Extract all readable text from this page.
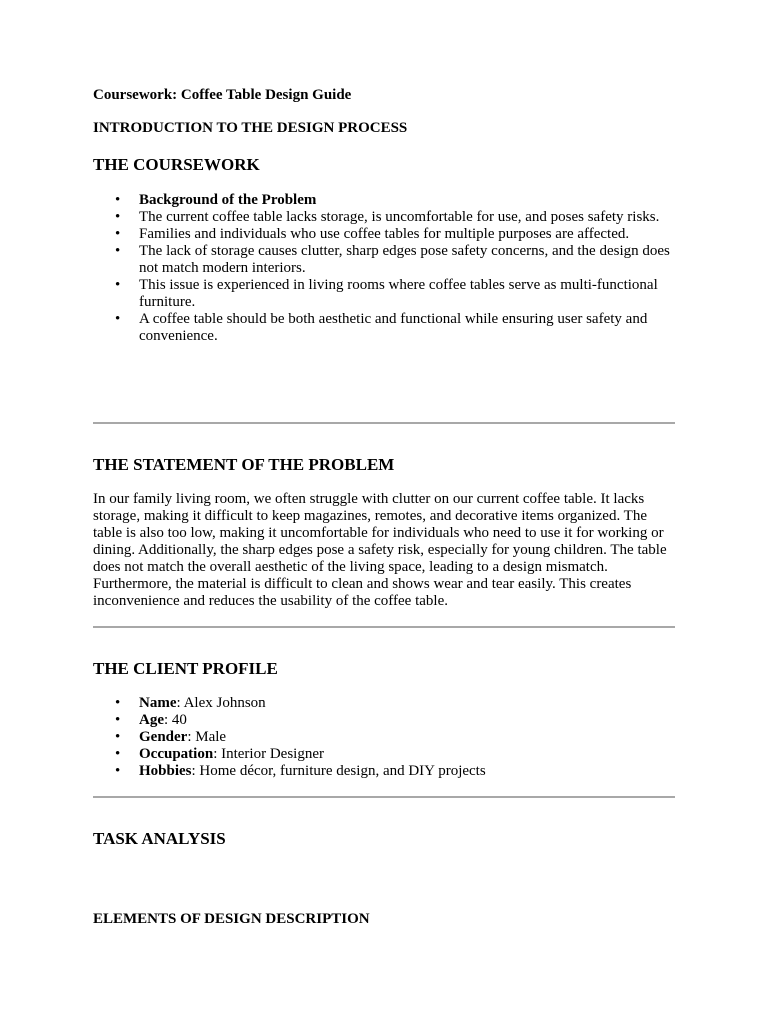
Coursework: Coffee Table Design Guide
INTRODUCTION TO THE DESIGN PROCESS
THE COURSEWORK
• Background of the Problem
• The current coffee table lacks storage, is uncomfortable for use, and poses safety risks.
• Families and individuals who use coffee tables for multiple purposes are affected.
• The lack of storage causes clutter, sharp edges pose safety concerns, and the design does not match modern interiors.
• This issue is experienced in living rooms where coffee tables serve as multi-functional furniture.
• A coffee table should be both aesthetic and functional while ensuring user safety and convenience.
THE STATEMENT OF THE PROBLEM
In our family living room, we often struggle with clutter on our current coffee table. It lacks storage, making it difficult to keep magazines, remotes, and decorative items organized. The table is also too low, making it uncomfortable for individuals who need to use it for working or dining. Additionally, the sharp edges pose a safety risk, especially for young children. The table does not match the overall aesthetic of the living space, leading to a design mismatch. Furthermore, the material is difficult to clean and shows wear and tear easily. This creates inconvenience and reduces the usability of the coffee table.
THE CLIENT PROFILE
• Name: Alex Johnson
• Age: 40
• Gender: Male
• Occupation: Interior Designer
• Hobbies: Home décor, furniture design, and DIY projects
TASK ANALYSIS
ELEMENTS OF DESIGN DESCRIPTION
